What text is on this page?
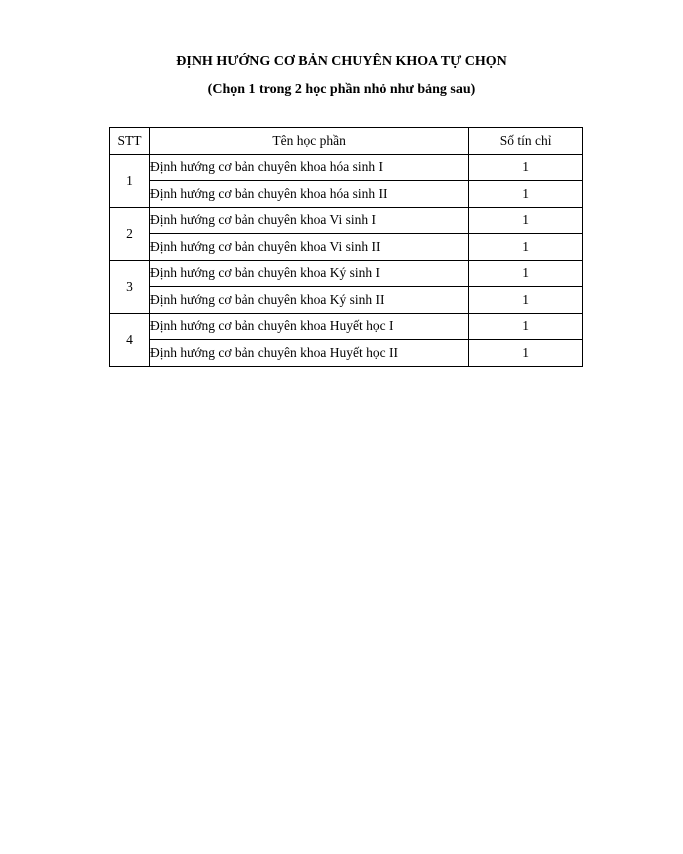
ĐỊNH HƯỚNG CƠ BẢN CHUYÊN KHOA TỰ CHỌN

(Chọn 1 trong 2 học phần nhỏ như bảng sau)

STT	Tên học phần	Số tín chỉ
1	Định hướng cơ bản chuyên khoa hóa sinh I	1
	Định hướng cơ bản chuyên khoa hóa sinh II	1
2	Định hướng cơ bản chuyên khoa Vi sinh I	1
	Định hướng cơ bản chuyên khoa Vi sinh II	1
3	Định hướng cơ bản chuyên khoa Ký sinh I	1
	Định hướng cơ bản chuyên khoa Ký sinh II	1
4	Định hướng cơ bản chuyên khoa Huyết học I	1
	Định hướng cơ bản chuyên khoa Huyết học II	1
